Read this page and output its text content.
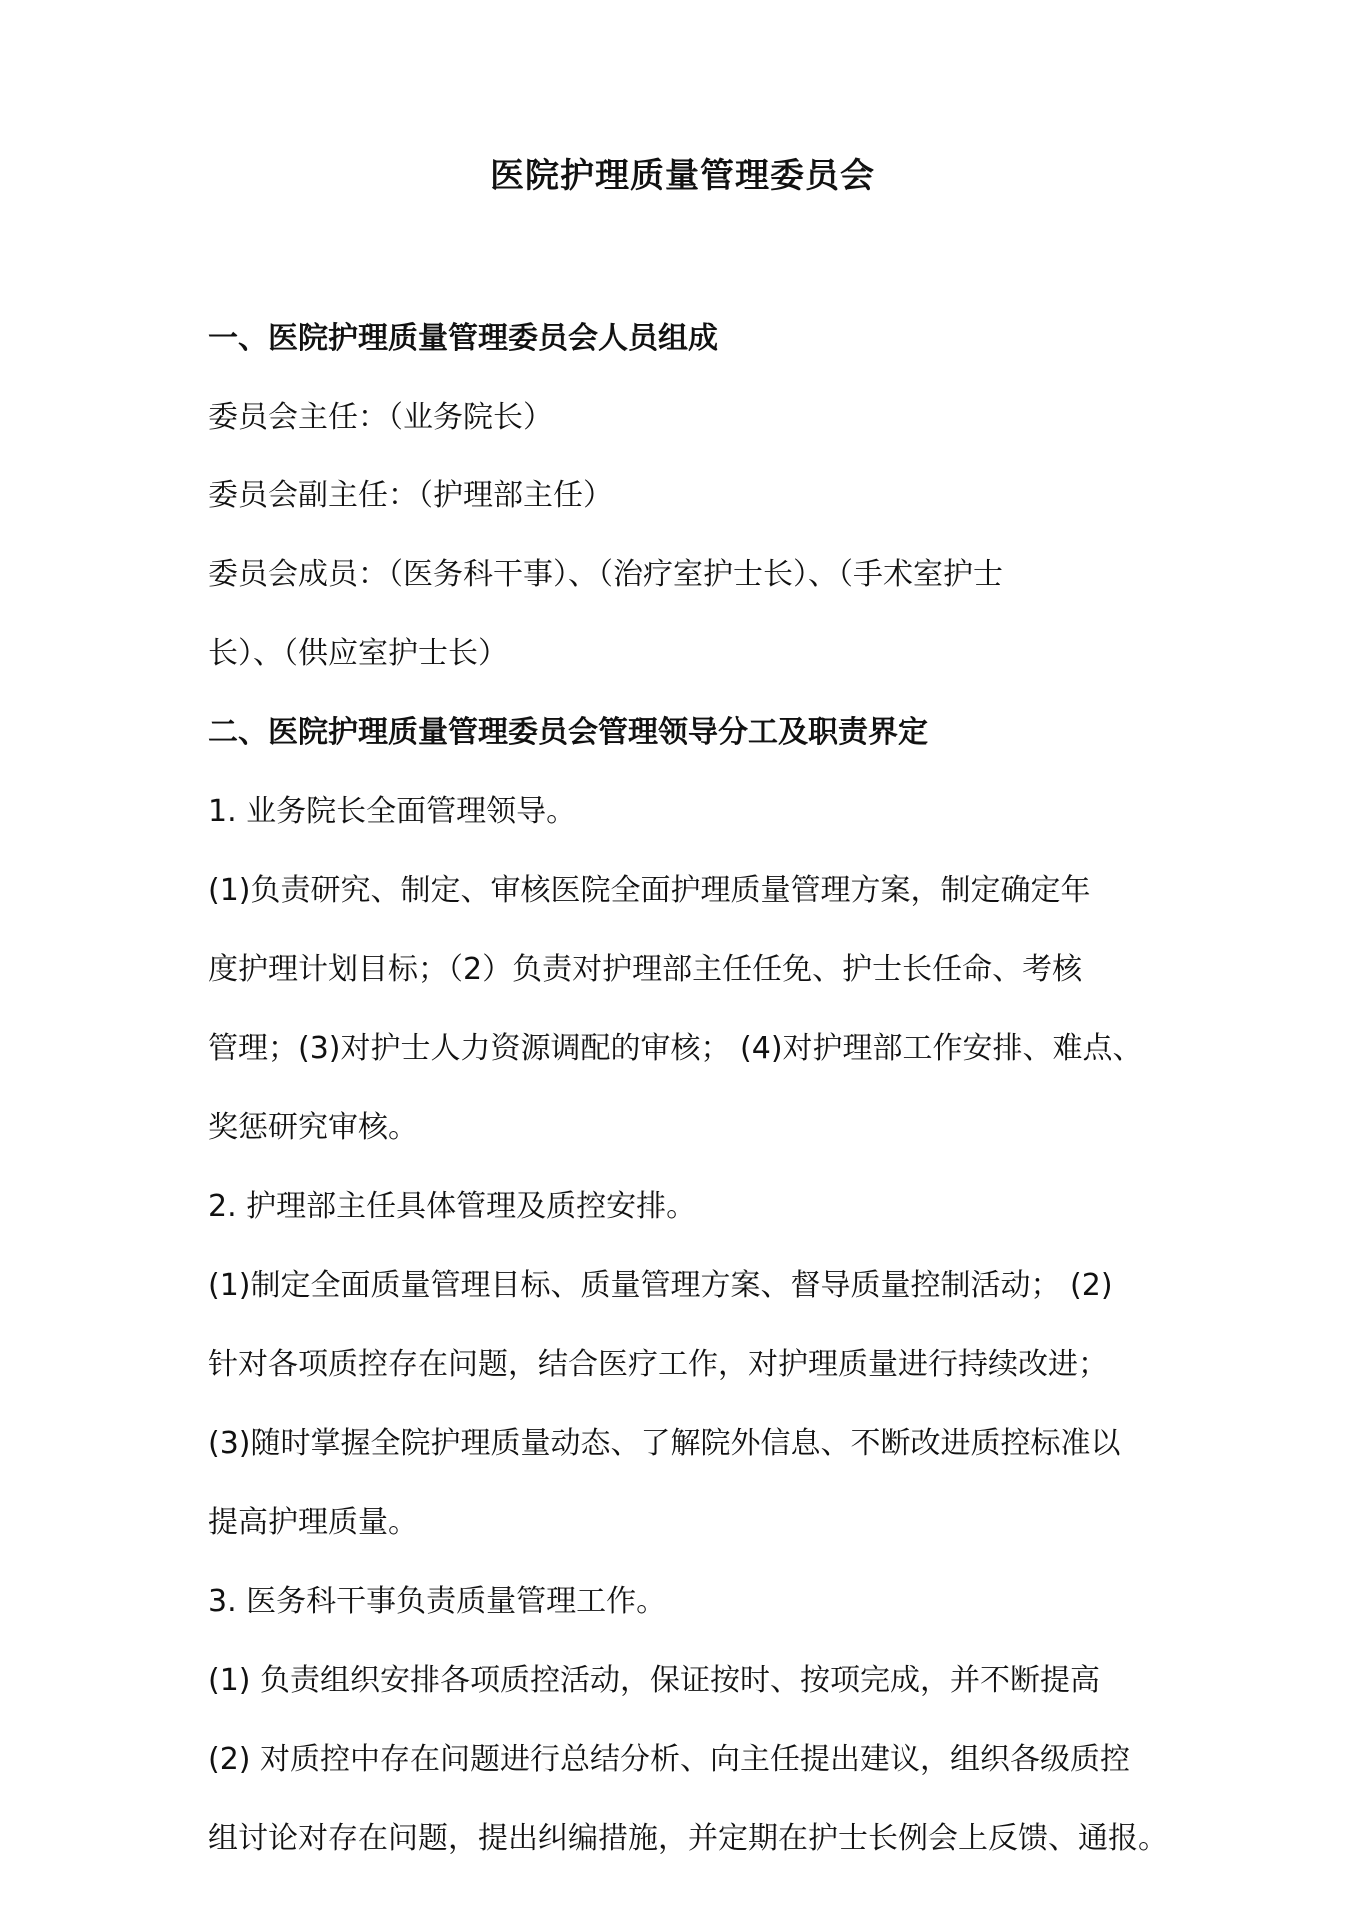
医院护理质量管理委员会
一、医院护理质量管理委员会人员组成
委员会主任：（业务院长）
委员会副主任：（护理部主任）
委员会成员：（医务科干事）、（治疗室护士长）、（手术室护士
长）、（供应室护士长）
二、医院护理质量管理委员会管理领导分工及职责界定
1. 业务院长全面管理领导。
(1)负责研究、制定、审核医院全面护理质量管理方案，制定确定年
度护理计划目标；（2）负责对护理部主任任免、护士长任命、考核
管理；(3)对护士人力资源调配的审核； (4)对护理部工作安排、难点、
奖惩研究审核。
2. 护理部主任具体管理及质控安排。
(1)制定全面质量管理目标、质量管理方案、督导质量控制活动； (2)
针对各项质控存在问题，结合医疗工作，对护理质量进行持续改进；
(3)随时掌握全院护理质量动态、了解院外信息、不断改进质控标准以
提高护理质量。
3. 医务科干事负责质量管理工作。
(1) 负责组织安排各项质控活动，保证按时、按项完成，并不断提高
(2) 对质控中存在问题进行总结分析、向主任提出建议，组织各级质控
组讨论对存在问题，提出纠编措施，并定期在护士长例会上反馈、通报。
